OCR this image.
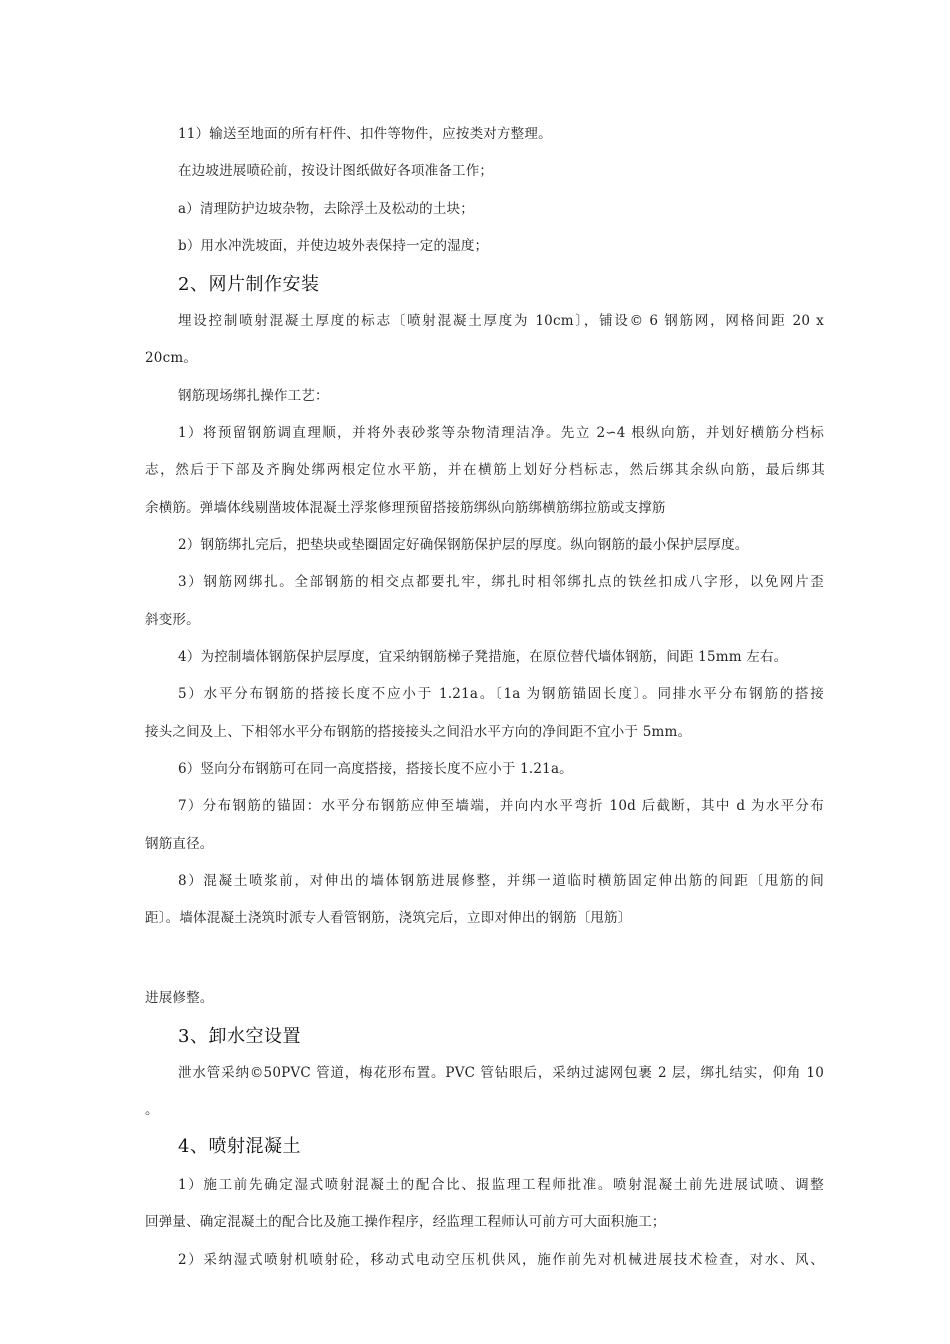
11）输送至地面的所有杆件、扣件等物件，应按类对方整理。
在边坡进展喷砼前，按设计图纸做好各项准备工作；
a）清理防护边坡杂物，去除浮土及松动的土块；
b）用水冲洗坡面，并使边坡外表保持一定的湿度；
2、网片制作安装
埋设控制喷射混凝土厚度的标志〔喷射混凝土厚度为 10cm〕，铺设© 6 钢筋网，网格间距 20 x
20cm。
钢筋现场绑扎操作工艺：
1）将预留钢筋调直理顺，并将外表砂浆等杂物清理洁净。先立 2∽4 根纵向筋，并划好横筋分档标
志，然后于下部及齐胸处绑两根定位水平筋，并在横筋上划好分档标志，然后绑其余纵向筋，最后绑其
余横筋。弹墙体线剔凿坡体混凝土浮浆修理预留搭接筋绑纵向筋绑横筋绑拉筋或支撑筋
2）钢筋绑扎完后，把垫块或垫圈固定好确保钢筋保护层的厚度。纵向钢筋的最小保护层厚度。
3）钢筋网绑扎。全部钢筋的相交点都要扎牢，绑扎时相邻绑扎点的铁丝扣成八字形，以免网片歪
斜变形。
4）为控制墙体钢筋保护层厚度，宜采纳钢筋梯子凳措施，在原位替代墙体钢筋，间距 15mm 左右。
5）水平分布钢筋的搭接长度不应小于 1.21a。〔1a 为钢筋锚固长度〕。同排水平分布钢筋的搭接
接头之间及上、下相邻水平分布钢筋的搭接接头之间沿水平方向的净间距不宜小于 5mm。
6）竖向分布钢筋可在同一高度搭接，搭接长度不应小于 1.21a。
7）分布钢筋的锚固：水平分布钢筋应伸至墙端，并向内水平弯折 10d 后截断，其中 d 为水平分布
钢筋直径。
8）混凝土喷浆前，对伸出的墙体钢筋进展修整，并绑一道临时横筋固定伸出筋的间距〔甩筋的间
距〕。墙体混凝土浇筑时派专人看管钢筋，浇筑完后，立即对伸出的钢筋〔甩筋〕
进展修整。
3、卸水空设置
泄水管采纳©50PVC 管道，梅花形布置。PVC 管钻眼后，采纳过滤网包裹 2 层，绑扎结实，仰角 10
。
4、喷射混凝土
1）施工前先确定湿式喷射混凝土的配合比、报监理工程师批准。喷射混凝土前先进展试喷、调整
回弹量、确定混凝土的配合比及施工操作程序，经监理工程师认可前方可大面积施工；
2）采纳湿式喷射机喷射砼，移动式电动空压机供风，施作前先对机械进展技术检查，对水、风、
